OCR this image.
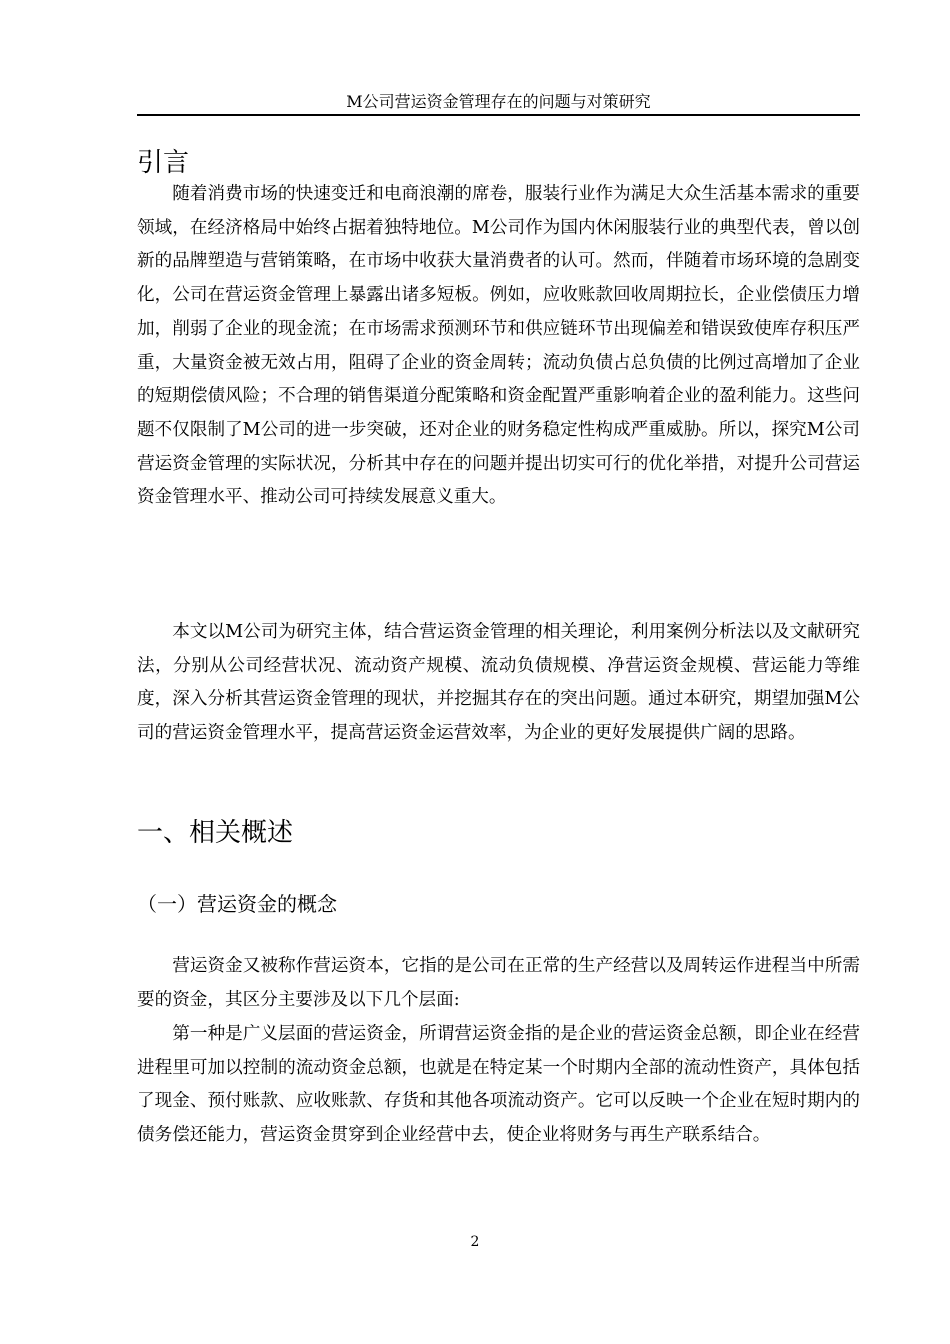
M公司营运资金管理存在的问题与对策研究
引言

随着消费市场的快速变迁和电商浪潮的席卷，服装行业作为满足大众生活基本需求的重要领域，在经济格局中始终占据着独特地位。M公司作为国内休闲服装行业的典型代表，曾以创新的品牌塑造与营销策略，在市场中收获大量消费者的认可。然而，伴随着市场环境的急剧变化，公司在营运资金管理上暴露出诸多短板。例如，应收账款回收周期拉长，企业偿债压力增加，削弱了企业的现金流；在市场需求预测环节和供应链环节出现偏差和错误致使库存积压严重，大量资金被无效占用，阻碍了企业的资金周转；流动负债占总负债的比例过高增加了企业的短期偿债风险；不合理的销售渠道分配策略和资金配置严重影响着企业的盈利能力。这些问题不仅限制了M公司的进一步突破，还对企业的财务稳定性构成严重威胁。所以，探究M公司营运资金管理的实际状况，分析其中存在的问题并提出切实可行的优化举措，对提升公司营运资金管理水平、推动公司可持续发展意义重大。

本文以M公司为研究主体，结合营运资金管理的相关理论，利用案例分析法以及文献研究法，分别从公司经营状况、流动资产规模、流动负债规模、净营运资金规模、营运能力等维度，深入分析其营运资金管理的现状，并挖掘其存在的突出问题。通过本研究，期望加强M公司的营运资金管理水平，提高营运资金运营效率，为企业的更好发展提供广阔的思路。

一、相关概述
（一）营运资金的概念

营运资金又被称作营运资本，它指的是公司在正常的生产经营以及周转运作进程当中所需要的资金，其区分主要涉及以下几个层面:

第一种是广义层面的营运资金，所谓营运资金指的是企业的营运资金总额，即企业在经营进程里可加以控制的流动资金总额，也就是在特定某一个时期内全部的流动性资产，具体包括了现金、预付账款、应收账款、存货和其他各项流动资产。它可以反映一个企业在短时期内的债务偿还能力，营运资金贯穿到企业经营中去，使企业将财务与再生产联系结合。

2
